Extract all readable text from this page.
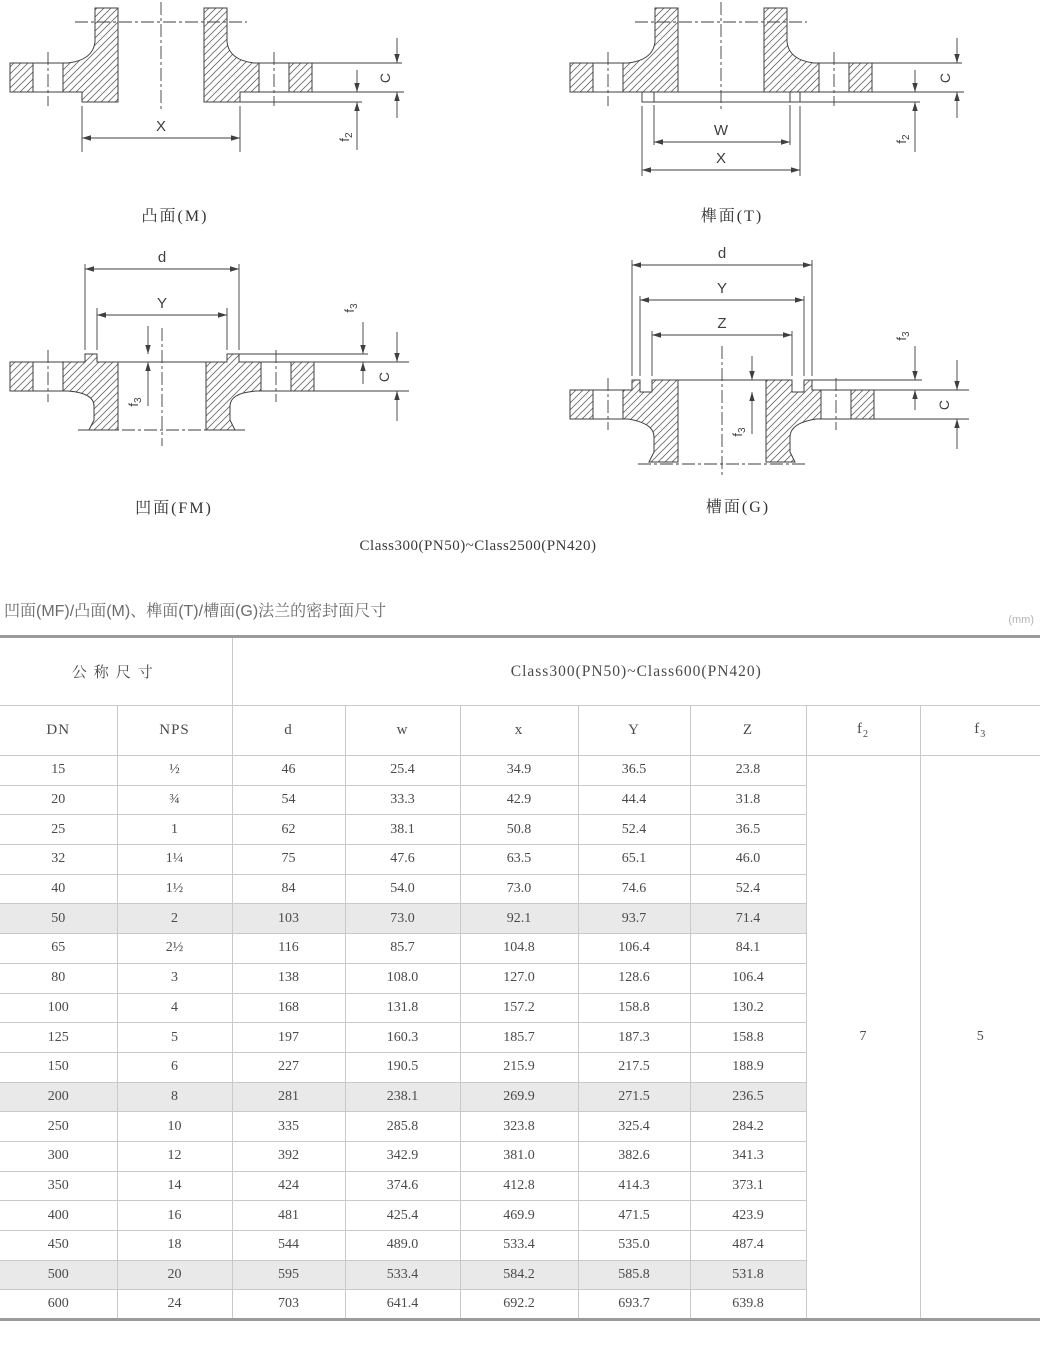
X
C
$f_2$	W
X
C
$f_2$
d
Y	$f_3$
$f_3$
C
d
Y
Z
$f_3$
$f_3$
C
凸面(M)	榫面(T)
凹面(FM)	槽面(G)
Class300(PN50)~Class2500(PN420)
凹面(MF)/凸面(M)、榫面(T)/槽面(G)法兰的密封面尺寸	(mm)
公称尺寸		Class300(PN50)~Class600(PN420)						
DN	NPS	d	w	x	Y	Z	$f_2$	$f_3$
15	½	46	25.4	34.9	36.5	23.8	7	5
20	¾	54	33.3	42.9	44.4	31.8		
25	1	62	38.1	50.8	52.4	36.5		
32	1¼	75	47.6	63.5	65.1	46.0		
40	1½	84	54.0	73.0	74.6	52.4		
50	2	103	73.0	92.1	93.7	71.4		
65	2½	116	85.7	104.8	106.4	84.1		
80	3	138	108.0	127.0	128.6	106.4		
100	4	168	131.8	157.2	158.8	130.2		
125	5	197	160.3	185.7	187.3	158.8		
150	6	227	190.5	215.9	217.5	188.9		
200	8	281	238.1	269.9	271.5	236.5		
250	10	335	285.8	323.8	325.4	284.2		
300	12	392	342.9	381.0	382.6	341.3		
350	14	424	374.6	412.8	414.3	373.1		
400	16	481	425.4	469.9	471.5	423.9		
450	18	544	489.0	533.4	535.0	487.4		
500	20	595	533.4	584.2	585.8	531.8		
600	24	703	641.4	692.2	693.7	639.8		
